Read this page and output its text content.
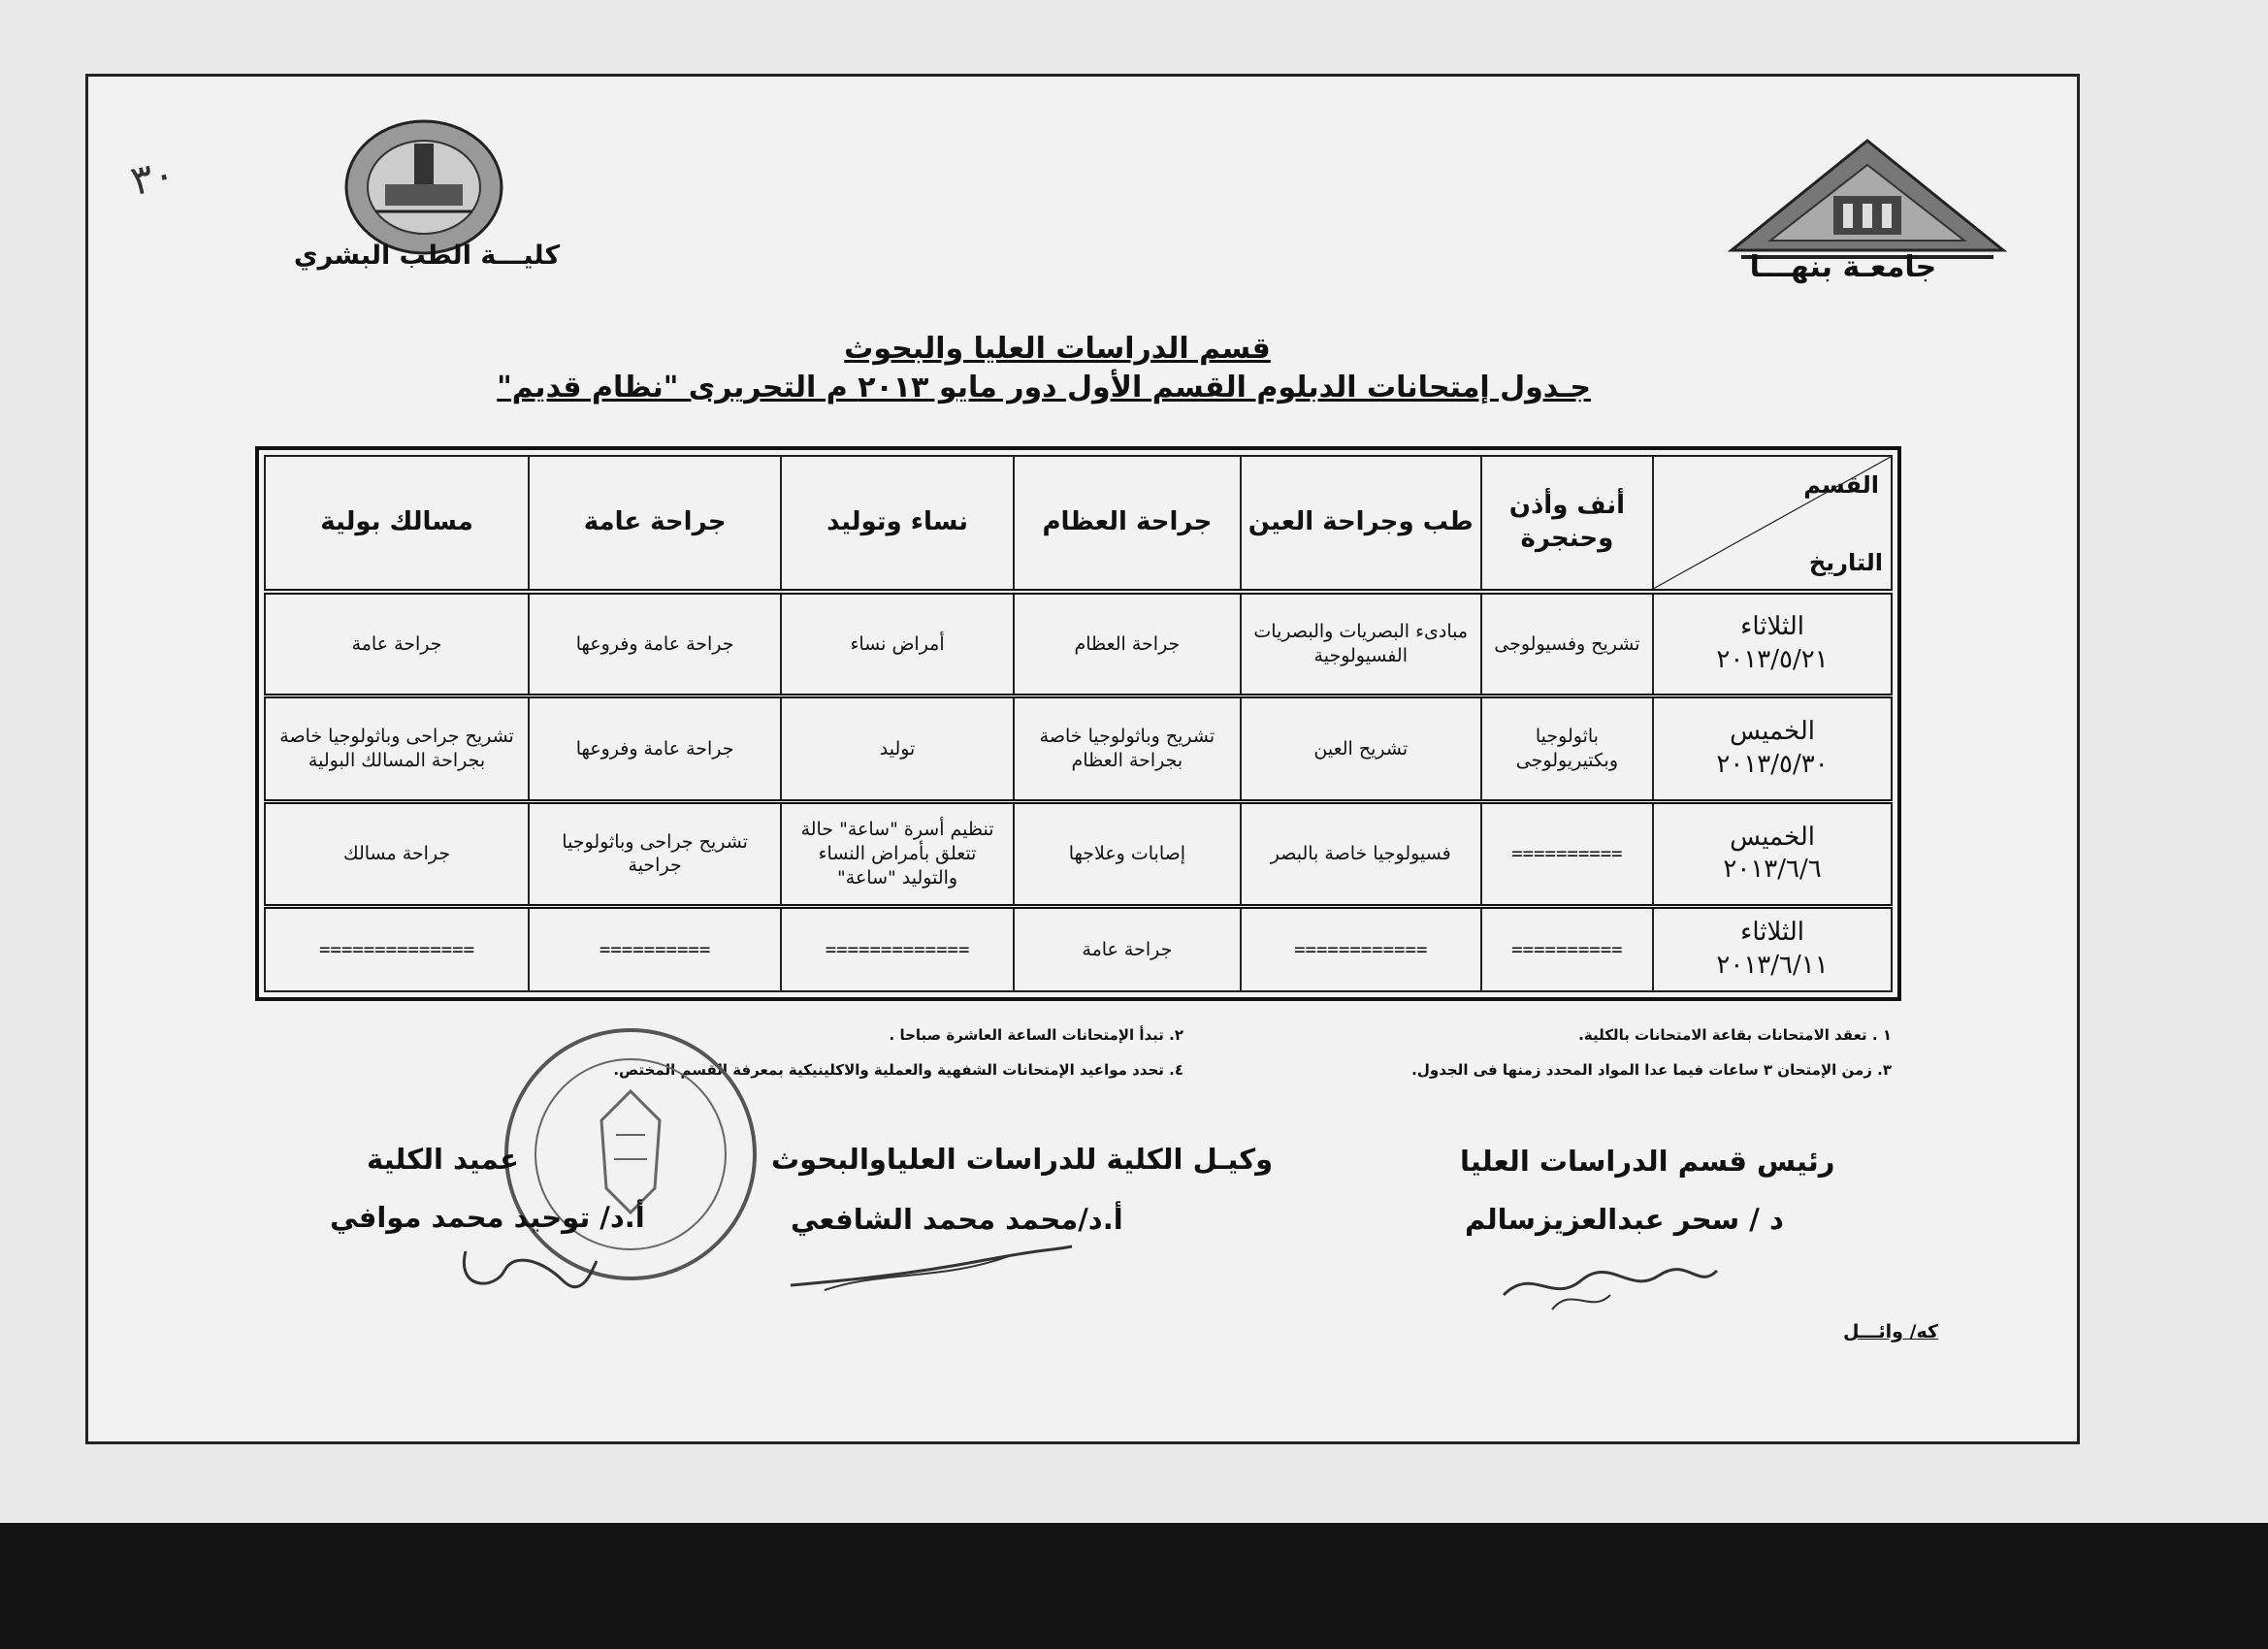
جامعـة بنهـــا
كليـــة الطب البشري
٣٠
قسم الدراسات العليا والبحوث
جـدول إمتحانات الدبلوم القسم الأول دور مايو ٢٠١٣ م التحريرى "نظام قديم"
القسم
التاريخ	أنف وأذن وحنجرة	طب وجراحة العين	جراحة العظام	نساء وتوليد	جراحة عامة	مسالك بولية

الثلاثاء
٢٠١٣/٥/٢١	تشريح وفسيولوجى	مبادىء البصريات والبصريات الفسيولوجية	جراحة العظام	أمراض نساء	جراحة عامة وفروعها	جراحة عامة

الخميس
٢٠١٣/٥/٣٠	باثولوجيا وبكتيريولوجى	تشريح العين	تشريح وباثولوجيا خاصة بجراحة العظام	توليد	جراحة عامة وفروعها	تشريح جراحى وباثولوجيا خاصة بجراحة المسالك البولية

الخميس
٢٠١٣/٦/٦	==========	فسيولوجيا خاصة بالبصر	إصابات وعلاجها	تنظيم أسرة "ساعة" حالة تتعلق بأمراض النساء والتوليد "ساعة"	تشريح جراحى وباثولوجيا جراحية	جراحة مسالك

الثلاثاء
٢٠١٣/٦/١١	==========	============	جراحة عامة	=============	==========	==============
١ . تعقد الامتحانات بقاعة الامتحانات بالكلية.
٢. تبدأ الإمتحانات الساعة العاشرة صباحا .
٣. زمن الإمتحان ٣ ساعات فيما عدا المواد المحدد زمنها فى الجدول.
٤. تحدد مواعيد الإمتحانات الشفهية والعملية والاكلينيكية بمعرفة القسم المختص.
رئيس قسم الدراسات العليا
د / سحر عبدالعزيزسالم
وكيـل الكلية للدراسات العلياوالبحوث
أ.د/محمد محمد الشافعي
عميد الكلية
أ.د/ توحيد محمد موافي
كه/ وائـــل
